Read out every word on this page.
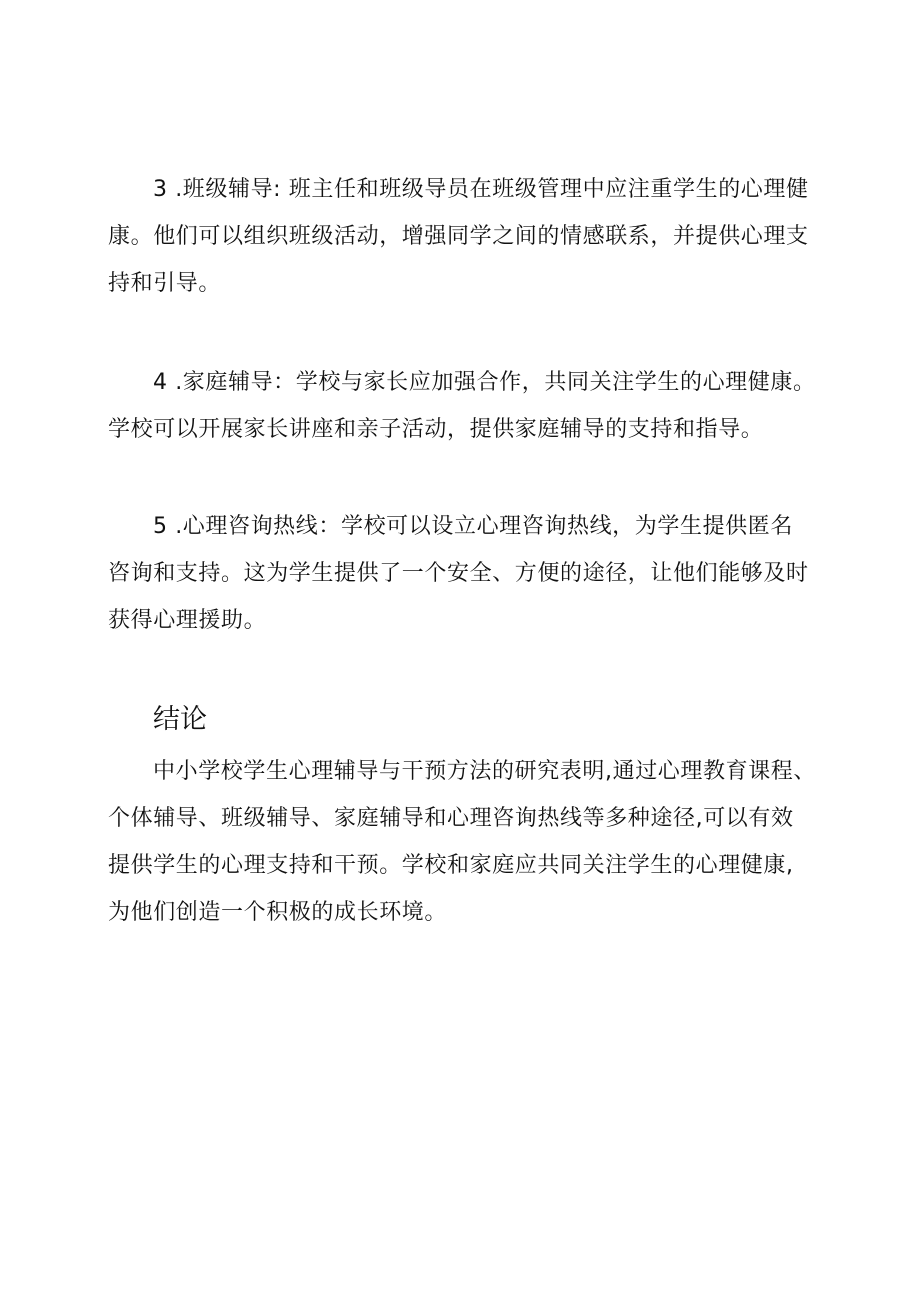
3 .班级辅导: 班主任和班级导员在班级管理中应注重学生的心理健
康。他们可以组织班级活动，增强同学之间的情感联系，并提供心理支
持和引导。

4 .家庭辅导：学校与家长应加强合作，共同关注学生的心理健康。
学校可以开展家长讲座和亲子活动，提供家庭辅导的支持和指导。

5 .心理咨询热线：学校可以设立心理咨询热线，为学生提供匿名
咨询和支持。这为学生提供了一个安全、方便的途径，让他们能够及时
获得心理援助。

结论

中小学校学生心理辅导与干预方法的研究表明,通过心理教育课程、
个体辅导、班级辅导、家庭辅导和心理咨询热线等多种途径,可以有效
提供学生的心理支持和干预。学校和家庭应共同关注学生的心理健康,
为他们创造一个积极的成长环境。
